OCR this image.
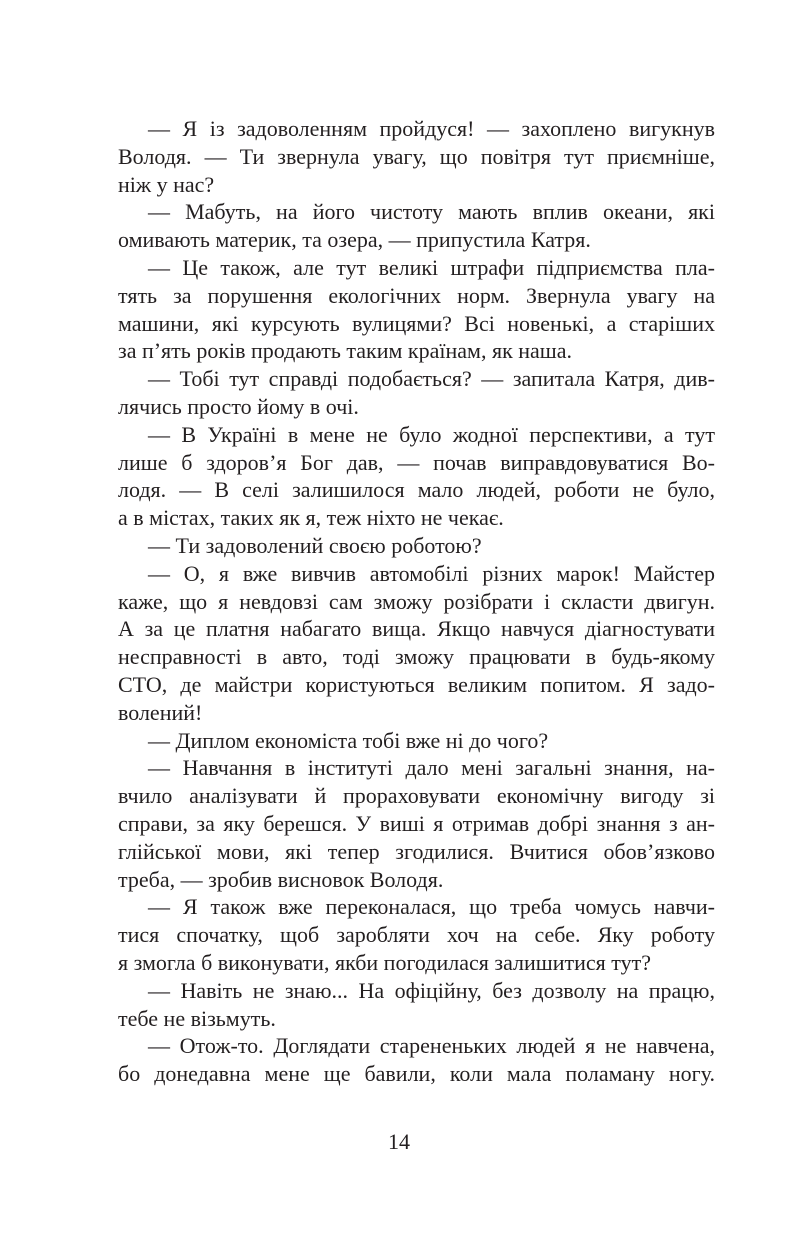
— Я із задоволенням пройдуся! — захоплено вигукнув
Володя. — Ти звернула увагу, що повітря тут приємніше,
ніж у нас?
— Мабуть, на його чистоту мають вплив океани, які
омивають материк, та озера, — припустила Катря.
— Це також, але тут великі штрафи підприємства пла-
тять за порушення екологічних норм. Звернула увагу на
машини, які курсують вулицями? Всі новенькі, а старіших
за п’ять років продають таким країнам, як наша.
— Тобі тут справді подобається? — запитала Катря, див-
лячись просто йому в очі.
— В Україні в мене не було жодної перспективи, а тут
лише б здоров’я Бог дав, — почав виправдовуватися Во-
лодя. — В селі залишилося мало людей, роботи не було,
а в містах, таких як я, теж ніхто не чекає.
— Ти задоволений своєю роботою?
— О, я вже вивчив автомобілі різних марок! Майстер
каже, що я невдовзі сам зможу розібрати і скласти двигун.
А за це платня набагато вища. Якщо навчуся діагностувати
несправності в авто, тоді зможу працювати в будь-якому
СТО, де майстри користуються великим попитом. Я задо-
волений!
— Диплом економіста тобі вже ні до чого?
— Навчання в інституті дало мені загальні знання, на-
вчило аналізувати й прораховувати економічну вигоду зі
справи, за яку берешся. У виші я отримав добрі знання з ан-
глійської мови, які тепер згодилися. Вчитися обов’язково
треба, — зробив висновок Володя.
— Я також вже переконалася, що треба чомусь навчи-
тися спочатку, щоб заробляти хоч на себе. Яку роботу
я змогла б виконувати, якби погодилася залишитися тут?
— Навіть не знаю... На офіційну, без дозволу на працю,
тебе не візьмуть.
— Отож-то. Доглядати старененьких людей я не навчена,
бо донедавна мене ще бавили, коли мала поламану ногу.
14
